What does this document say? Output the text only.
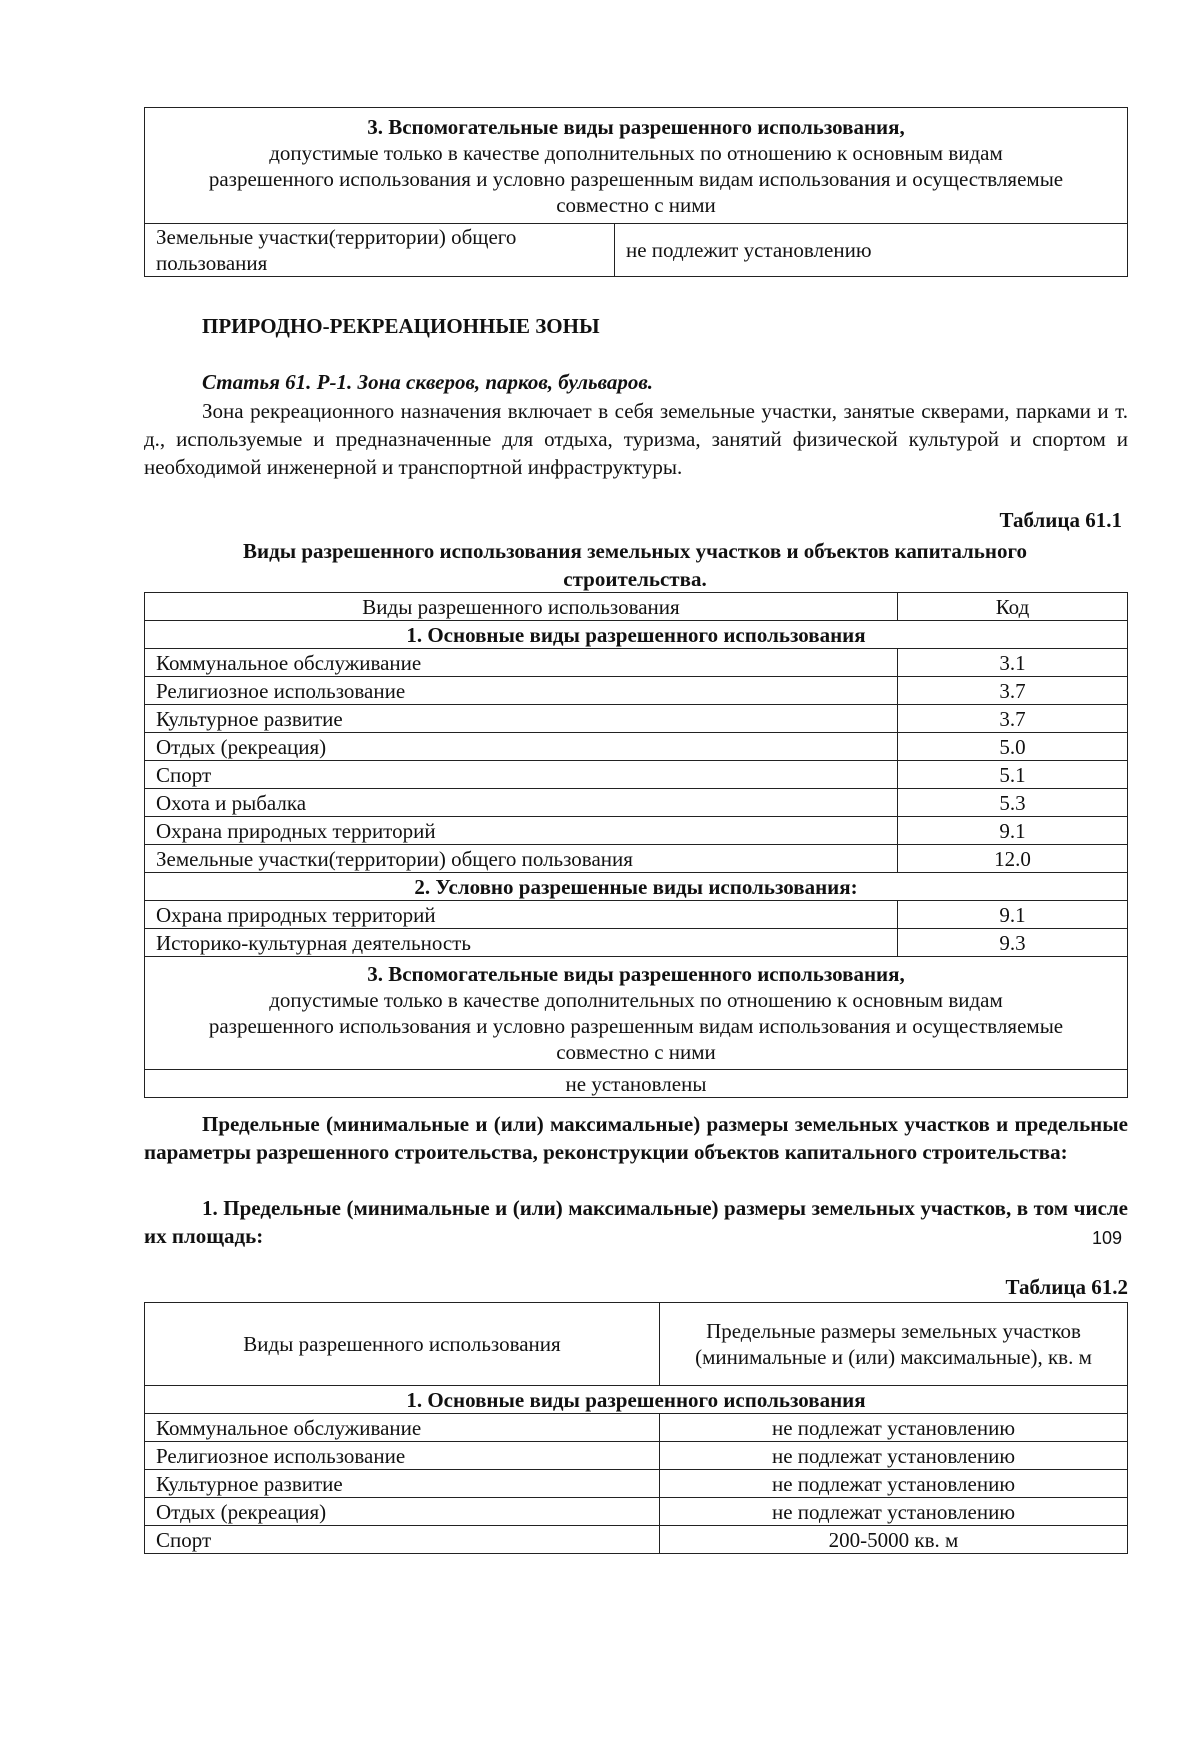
3. Вспомогательные виды разрешенного использования,
допустимые только в качестве дополнительных по отношению к основным видам разрешенного использования и условно разрешенным видам использования и осуществляемые совместно с ними

Земельные участки(территории) общего пользования	не подлежит установлению
ПРИРОДНО-РЕКРЕАЦИОННЫЕ ЗОНЫ
Статья 61. Р-1. Зона скверов, парков, бульваров.
Зона рекреационного назначения включает в себя земельные участки, занятые скверами, парками и т. д., используемые и предназначенные для отдыха, туризма, занятий физической культурой и спортом и необходимой инженерной и транспортной инфраструктуры.
Таблица 61.1
Виды разрешенного использования земельных участков и объектов капитального строительства.
Виды разрешенного использования	Код
1. Основные виды разрешенного использования	
Коммунальное обслуживание	3.1
Религиозное использование	3.7
Культурное развитие	3.7
Отдых (рекреация)	5.0
Спорт	5.1
Охота и рыбалка	5.3
Охрана природных территорий	9.1
Земельные участки(территории) общего пользования	12.0
2. Условно разрешенные виды использования:	
Охрана природных территорий	9.1
Историко-культурная деятельность	9.3

3. Вспомогательные виды разрешенного использования,
допустимые только в качестве дополнительных по отношению к основным видам разрешенного использования и условно разрешенным видам использования и осуществляемые совместно с ними	

не установлены	
Предельные (минимальные и (или) максимальные) размеры земельных участков и предельные параметры разрешенного строительства, реконструкции объектов капитального строительства:
1. Предельные (минимальные и (или) максимальные) размеры земельных участков, в том числе их площадь:
Таблица 61.2
Виды разрешенного использования	Предельные размеры земельных участков (минимальные и (или) максимальные), кв. м
1. Основные виды разрешенного использования	
Коммунальное обслуживание	не подлежат установлению
Религиозное использование	не подлежат установлению
Культурное развитие	не подлежат установлению
Отдых (рекреация)	не подлежат установлению
Спорт	200-5000 кв. м
109
